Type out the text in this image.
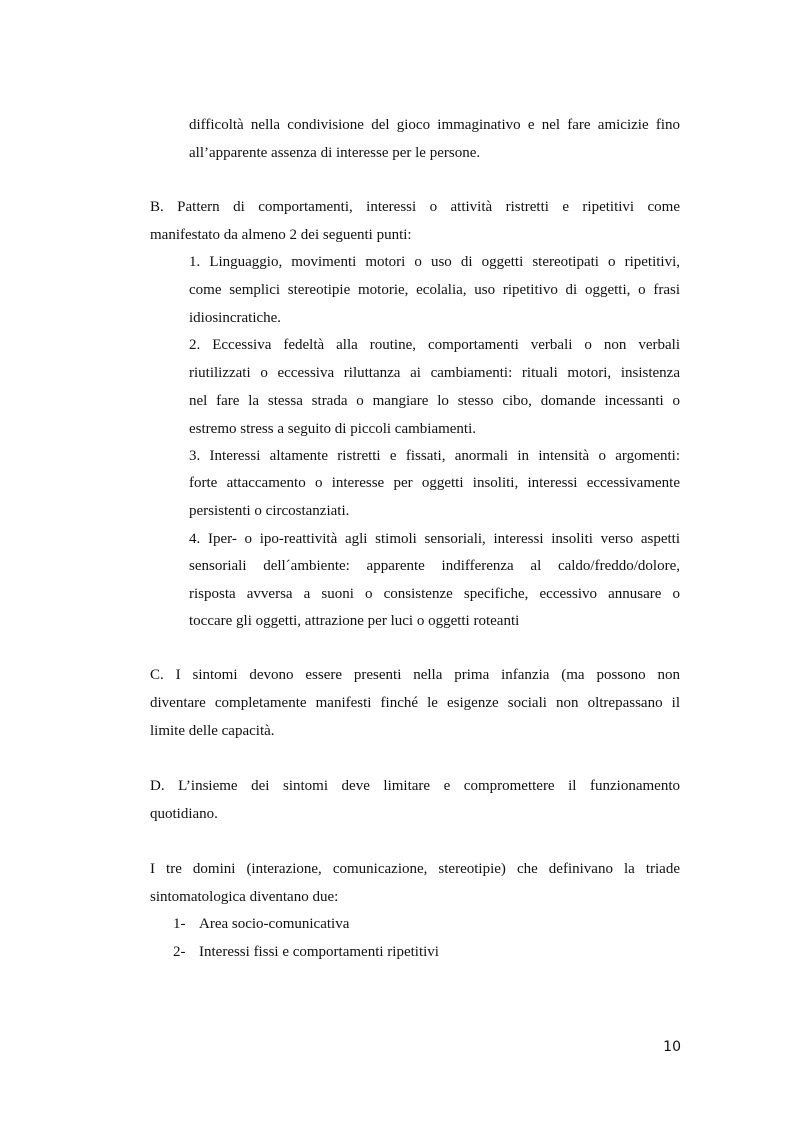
difficoltà nella condivisione del gioco immaginativo e nel fare amicizie fino
all’apparente assenza di interesse per le persone.
B. Pattern di comportamenti, interessi o attività ristretti e ripetitivi come
manifestato da almeno 2 dei seguenti punti:
1. Linguaggio, movimenti motori o uso di oggetti stereotipati o ripetitivi,
come semplici stereotipie motorie, ecolalia, uso ripetitivo di oggetti, o frasi
idiosincratiche.
2. Eccessiva fedeltà alla routine, comportamenti verbali o non verbali
riutilizzati o eccessiva riluttanza ai cambiamenti: rituali motori, insistenza
nel fare la stessa strada o mangiare lo stesso cibo, domande incessanti o
estremo stress a seguito di piccoli cambiamenti.
3. Interessi altamente ristretti e fissati, anormali in intensità o argomenti:
forte attaccamento o interesse per oggetti insoliti, interessi eccessivamente
persistenti o circostanziati.
4. Iper- o ipo-reattività agli stimoli sensoriali, interessi insoliti verso aspetti
sensoriali dell´ambiente: apparente indifferenza al caldo/freddo/dolore,
risposta avversa a suoni o consistenze specifiche, eccessivo annusare o
toccare gli oggetti, attrazione per luci o oggetti roteanti
C. I sintomi devono essere presenti nella prima infanzia (ma possono non
diventare completamente manifesti finché le esigenze sociali non oltrepassano il
limite delle capacità.
D. L’insieme dei sintomi deve limitare e compromettere il funzionamento
quotidiano.
I tre domini (interazione, comunicazione, stereotipie) che definivano la triade
sintomatologica diventano due:
1- Area socio-comunicativa
2- Interessi fissi e comportamenti ripetitivi
10
